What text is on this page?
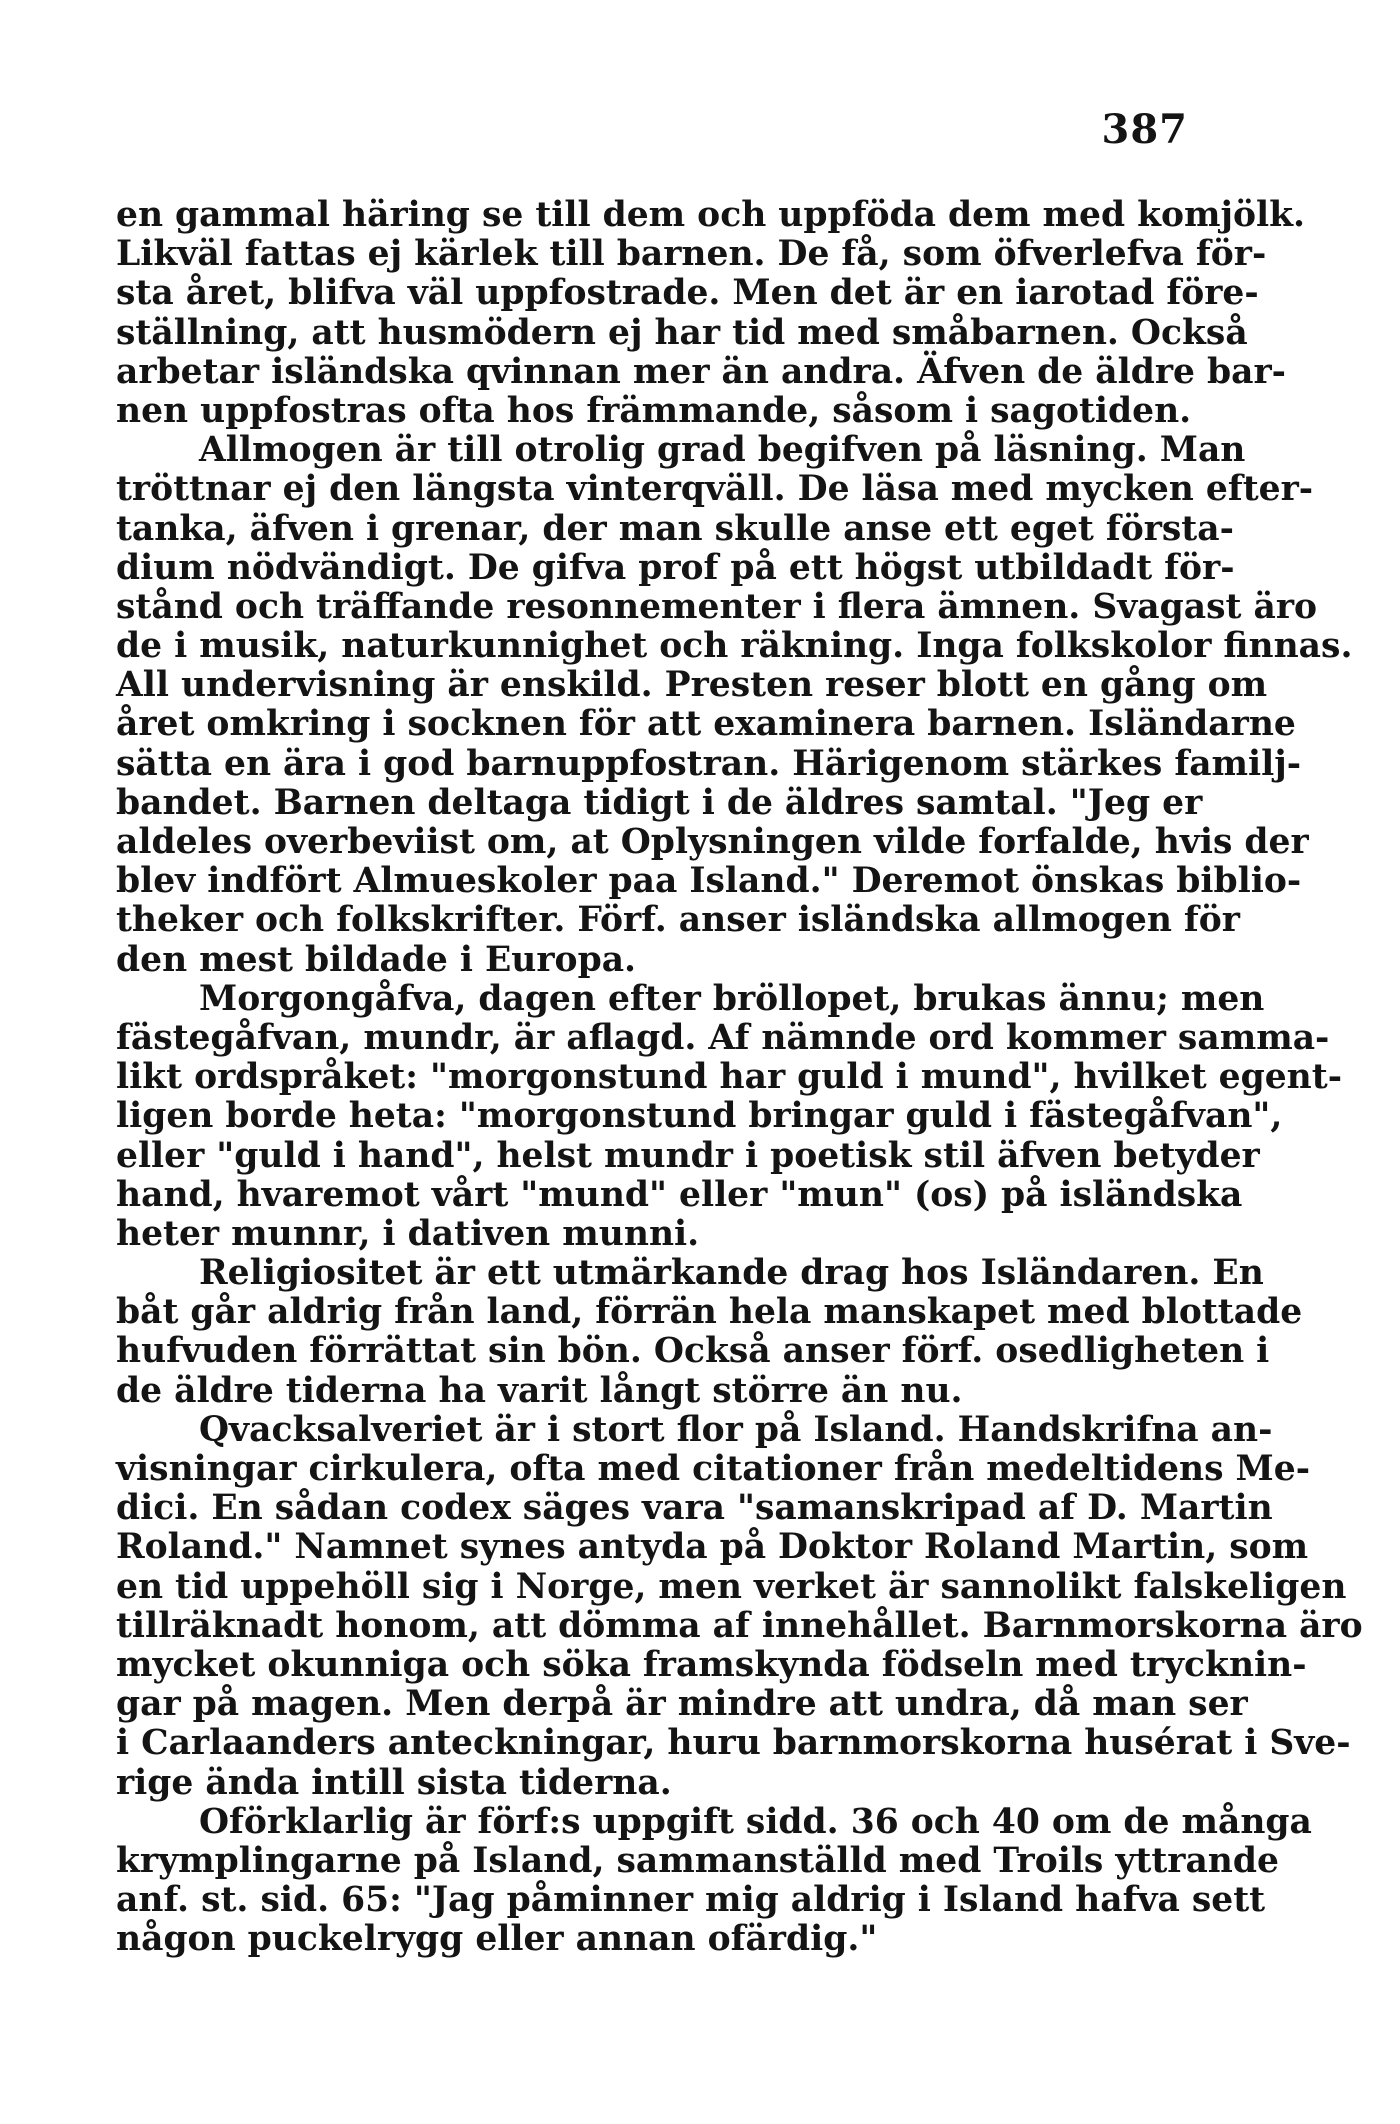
387
en gammal häring se till dem och uppföda dem med komjölk.
Likväl fattas ej kärlek till barnen. De få, som öfverlefva för-
sta året, blifva väl uppfostrade. Men det är en iarotad före-
ställning, att husmödern ej har tid med småbarnen. Också
arbetar isländska qvinnan mer än andra. Äfven de äldre bar-
nen uppfostras ofta hos främmande, såsom i sagotiden.
Allmogen är till otrolig grad begifven på läsning. Man
tröttnar ej den längsta vinterqväll. De läsa med mycken efter-
tanka, äfven i grenar, der man skulle anse ett eget första-
dium nödvändigt. De gifva prof på ett högst utbildadt för-
stånd och träffande resonnementer i flera ämnen. Svagast äro
de i musik, naturkunnighet och räkning. Inga folkskolor finnas.
All undervisning är enskild. Presten reser blott en gång om
året omkring i socknen för att examinera barnen. Isländarne
sätta en ära i god barnuppfostran. Härigenom stärkes familj-
bandet. Barnen deltaga tidigt i de äldres samtal. "Jeg er
aldeles overbeviist om, at Oplysningen vilde forfalde, hvis der
blev indfört Almueskoler paa Island." Deremot önskas biblio-
theker och folkskrifter. Förf. anser isländska allmogen för
den mest bildade i Europa.
Morgongåfva, dagen efter bröllopet, brukas ännu; men
fästegåfvan, mundr, är aflagd. Af nämnde ord kommer samma-
likt ordspråket: "morgonstund har guld i mund", hvilket egent-
ligen borde heta: "morgonstund bringar guld i fästegåfvan",
eller "guld i hand", helst mundr i poetisk stil äfven betyder
hand, hvaremot vårt "mund" eller "mun" (os) på isländska
heter munnr, i dativen munni.
Religiositet är ett utmärkande drag hos Isländaren. En
båt går aldrig från land, förrän hela manskapet med blottade
hufvuden förrättat sin bön. Också anser förf. osedligheten i
de äldre tiderna ha varit långt större än nu.
Qvacksalveriet är i stort flor på Island. Handskrifna an-
visningar cirkulera, ofta med citationer från medeltidens Me-
dici. En sådan codex säges vara "samanskripad af D. Martin
Roland." Namnet synes antyda på Doktor Roland Martin, som
en tid uppehöll sig i Norge, men verket är sannolikt falskeligen
tillräknadt honom, att dömma af innehållet. Barnmorskorna äro
mycket okunniga och söka framskynda födseln med trycknin-
gar på magen. Men derpå är mindre att undra, då man ser
i Carlaanders anteckningar, huru barnmorskorna husérat i Sve-
rige ända intill sista tiderna.
Oförklarlig är förf:s uppgift sidd. 36 och 40 om de många
krymplingarne på Island, sammanställd med Troils yttrande
anf. st. sid. 65: "Jag påminner mig aldrig i Island hafva sett
någon puckelrygg eller annan ofärdig."
